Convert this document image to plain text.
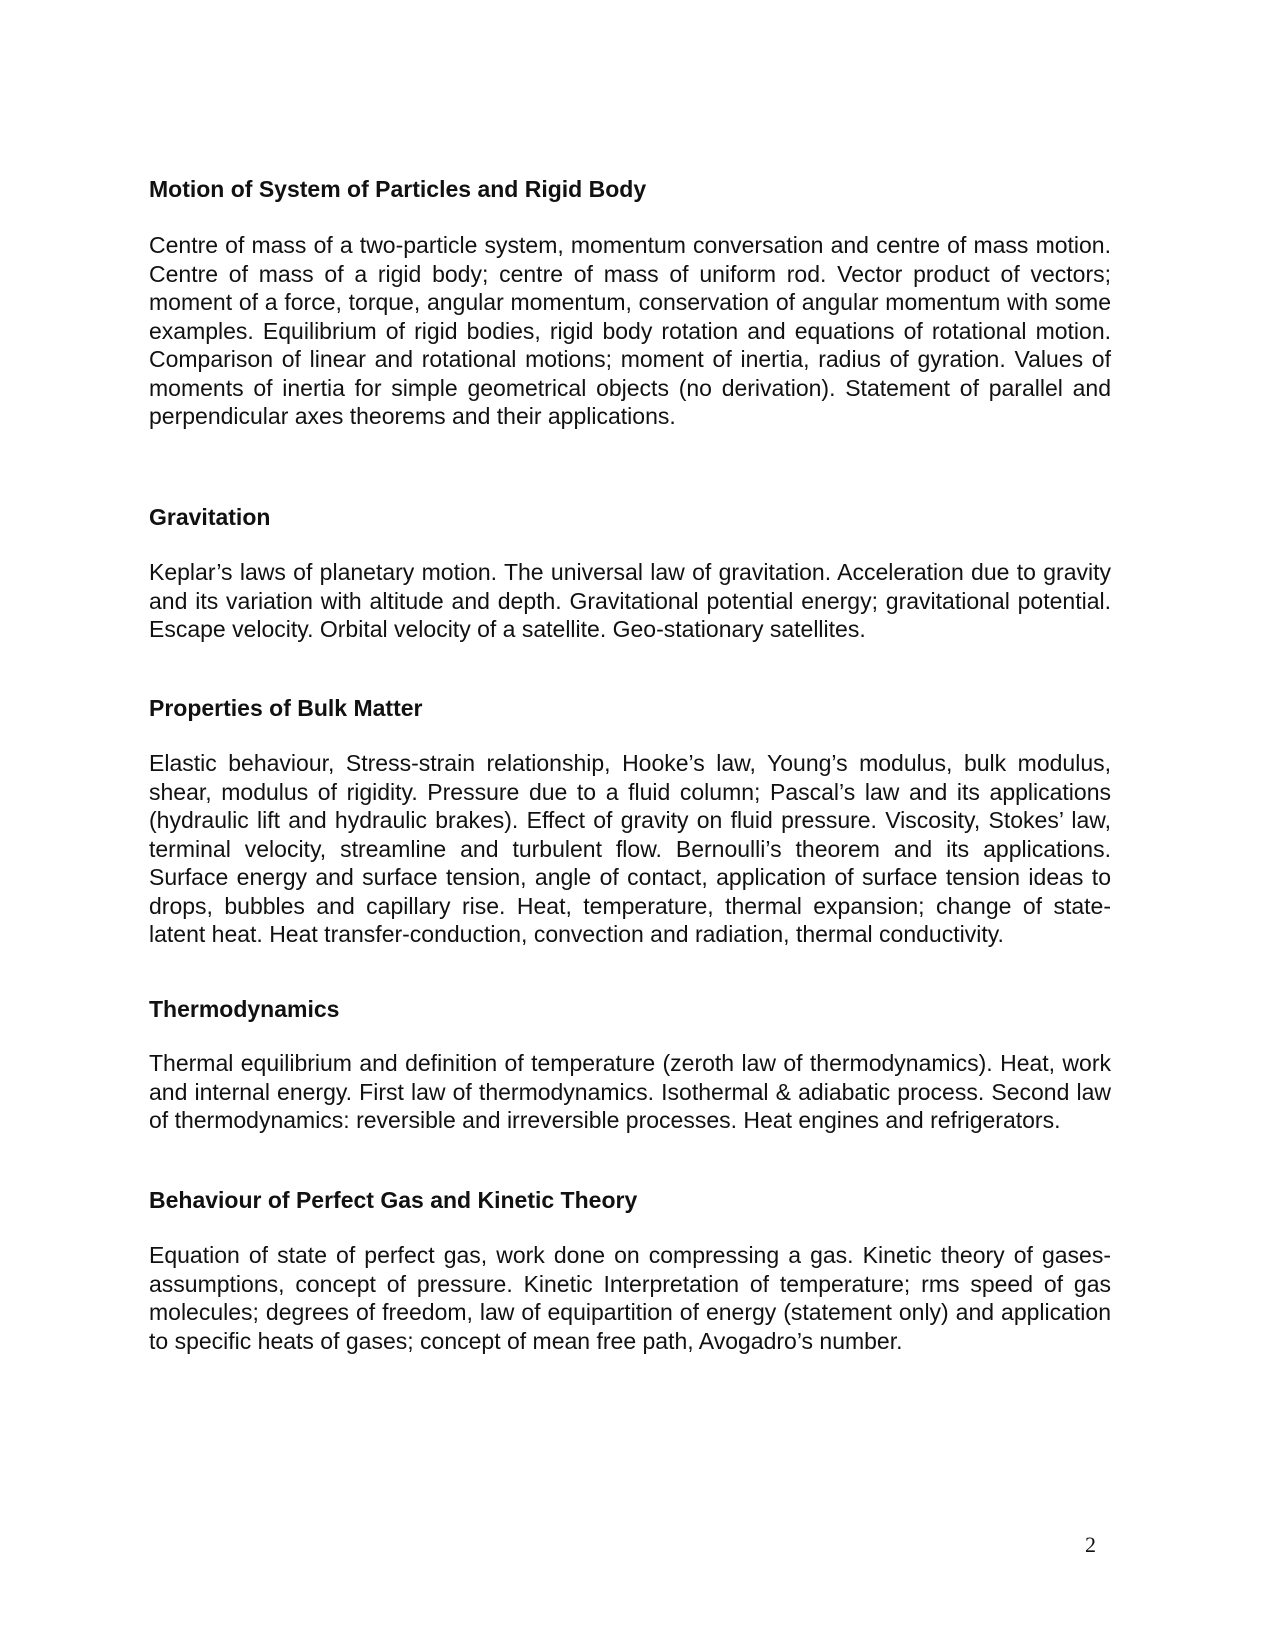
Motion of System of Particles and Rigid Body

Centre of mass of a two-particle system, momentum conversation and centre of mass motion. Centre of mass of a rigid body; centre of mass of uniform rod. Vector product of vectors; moment of a force, torque, angular momentum, conservation of angular momentum with some examples. Equilibrium of rigid bodies, rigid body rotation and equations of rotational motion. Comparison of linear and rotational motions; moment of inertia, radius of gyration. Values of moments of inertia for simple geometrical objects (no derivation). Statement of parallel and perpendicular axes theorems and their applications.

Gravitation

Keplar’s laws of planetary motion. The universal law of gravitation. Acceleration due to gravity and its variation with altitude and depth. Gravitational potential energy; gravitational potential. Escape velocity. Orbital velocity of a satellite. Geo-stationary satellites.

Properties of Bulk Matter

Elastic behaviour, Stress-strain relationship, Hooke’s law, Young’s modulus, bulk modulus, shear, modulus of rigidity. Pressure due to a fluid column; Pascal’s law and its applications (hydraulic lift and hydraulic brakes). Effect of gravity on fluid pressure. Viscosity, Stokes’ law, terminal velocity, streamline and turbulent flow. Bernoulli’s theorem and its applications. Surface energy and surface tension, angle of contact, application of surface tension ideas to drops, bubbles and capillary rise. Heat, temperature, thermal expansion; change of state-latent heat. Heat transfer-conduction, convection and radiation, thermal conductivity.

Thermodynamics

Thermal equilibrium and definition of temperature (zeroth law of thermodynamics). Heat, work and internal energy. First law of thermodynamics. Isothermal & adiabatic process. Second law of thermodynamics: reversible and irreversible processes. Heat engines and refrigerators.

Behaviour of Perfect Gas and Kinetic Theory

Equation of state of perfect gas, work done on compressing a gas. Kinetic theory of gases-assumptions, concept of pressure. Kinetic Interpretation of temperature; rms speed of gas molecules; degrees of freedom, law of equipartition of energy (statement only) and application to specific heats of gases; concept of mean free path, Avogadro’s number.

2
